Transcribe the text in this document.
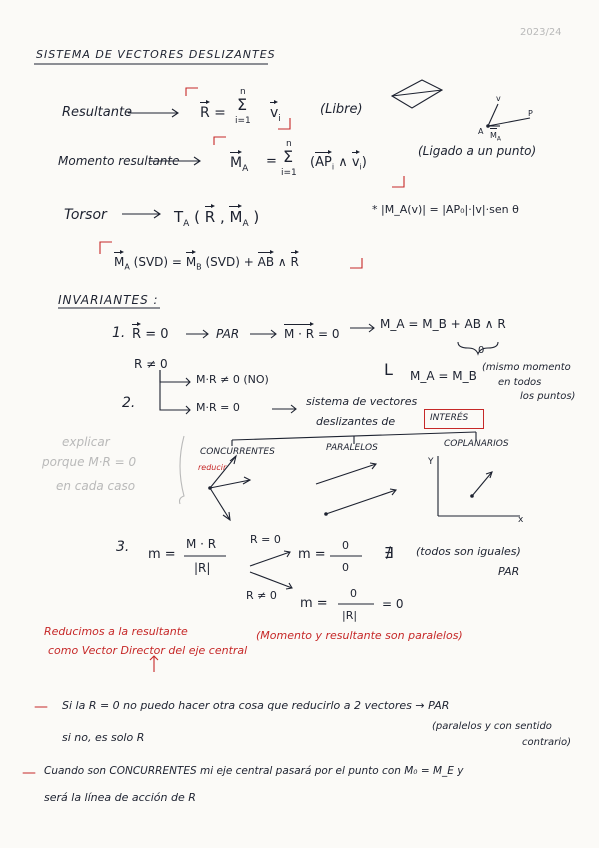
SISTEMA DE VECTORES DESLIZANTES
2023/24
Resultante	R =
n
Σ
i=1 $v_i$
(Libre)
A $M_A$
P
v
Momento resultante	$M_A$ =
n
Σ
i=1
($AP_i$ ∧ $v_i$)
(Ligado a un punto)
Torsor	$T_A$ ( R , $M_A$ )	* |M_A(v)| = |AP₀|·|v|·sen θ
$M_A$ $(SVD) = M_B$ (SVD) + AB ∧ R
INVARIANTES :
1. R = 0	PAR	M · R = 0
M_A = M_B + AB ∧ R
0
R ≠ 0
M·R ≠ 0 (NO)
L M_A = M_B
(mismo momento
en todos
los puntos)
2.	M·R = 0	sistema de vectores
deslizantes de	INTERÉS
explicar
porque M·R = 0
en cada caso
CONCURRENTES
reducir
PARALELOS	COPLANARIOS
Y
x
3. m =
M · R
|R|
R = 0
m =
0
0
∄ (todos son iguales)
PAR
R ≠ 0
m =
0
|R|
= 0
Reducimos a la resultante
como Vector Director del eje central
(Momento y resultante son paralelos)
— Si la R = 0 no puedo hacer otra cosa que reducirlo a 2 vectores → PAR
(paralelos y con sentido
contrario)
si no, es solo R
— Cuando son CONCURRENTES mi eje central pasará por el punto con M₀ = M_E y
será la línea de acción de R
